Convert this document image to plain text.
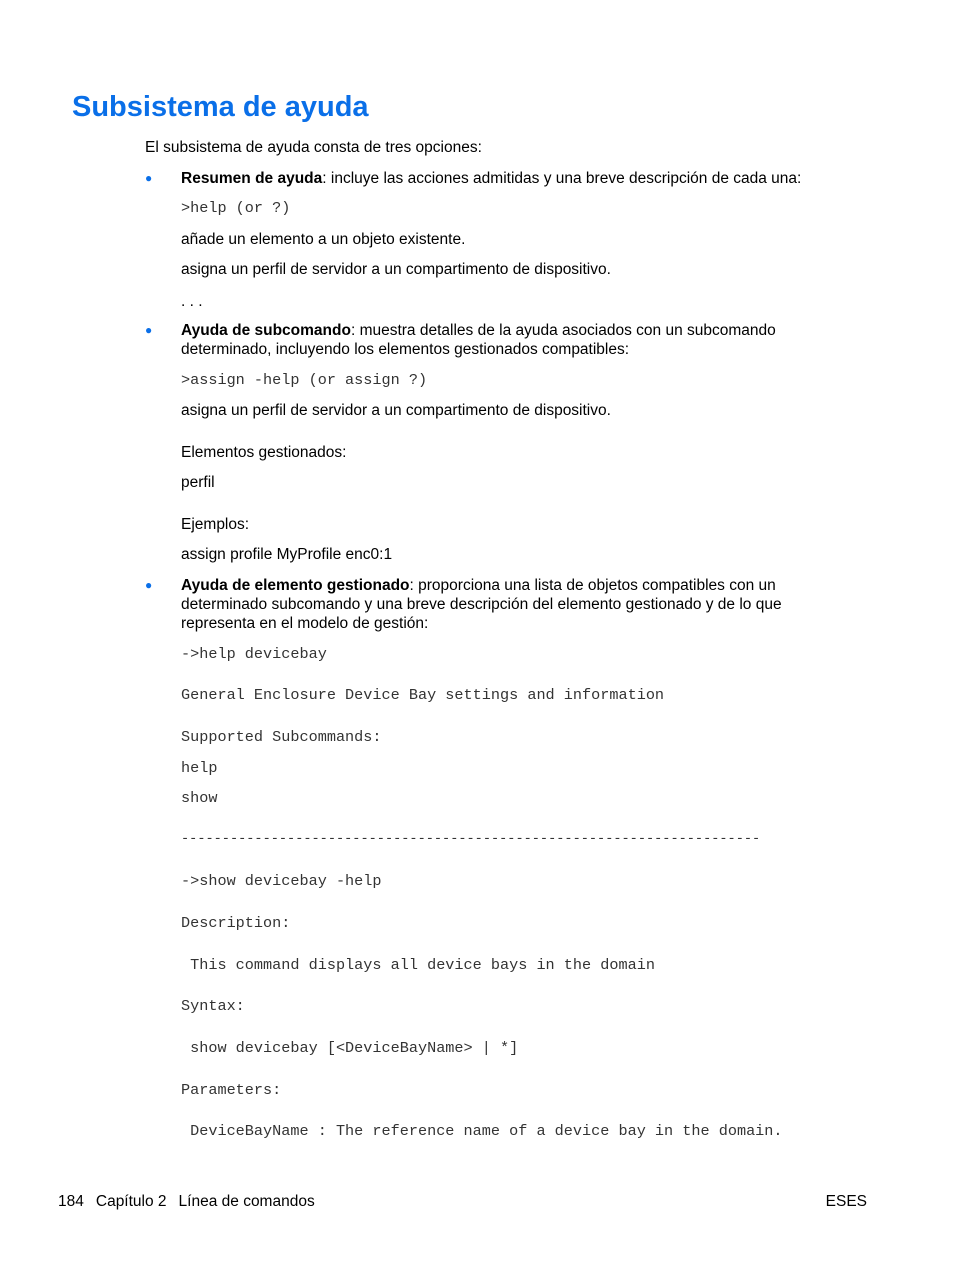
Subsistema de ayuda
El subsistema de ayuda consta de tres opciones:
● Resumen de ayuda: incluye las acciones admitidas y una breve descripción de cada una:
>help (or ?)
añade un elemento a un objeto existente.
asigna un perfil de servidor a un compartimento de dispositivo.
. . .
● Ayuda de subcomando: muestra detalles de la ayuda asociados con un subcomando
determinado, incluyendo los elementos gestionados compatibles:
>assign -help (or assign ?)
asigna un perfil de servidor a un compartimento de dispositivo.
Elementos gestionados:
perfil
Ejemplos:
assign profile MyProfile enc0:1
● Ayuda de elemento gestionado: proporciona una lista de objetos compatibles con un
determinado subcomando y una breve descripción del elemento gestionado y de lo que
representa en el modelo de gestión:
->help devicebay
General Enclosure Device Bay settings and information
Supported Subcommands:
help
show
-----------------------------------------------------------------------
->show devicebay -help
Description:
This command displays all device bays in the domain
Syntax:
show devicebay [<DeviceBayName> | *]
Parameters:
DeviceBayName : The reference name of a device bay in the domain.
184 Capítulo 2 Línea de comandos	ESES
